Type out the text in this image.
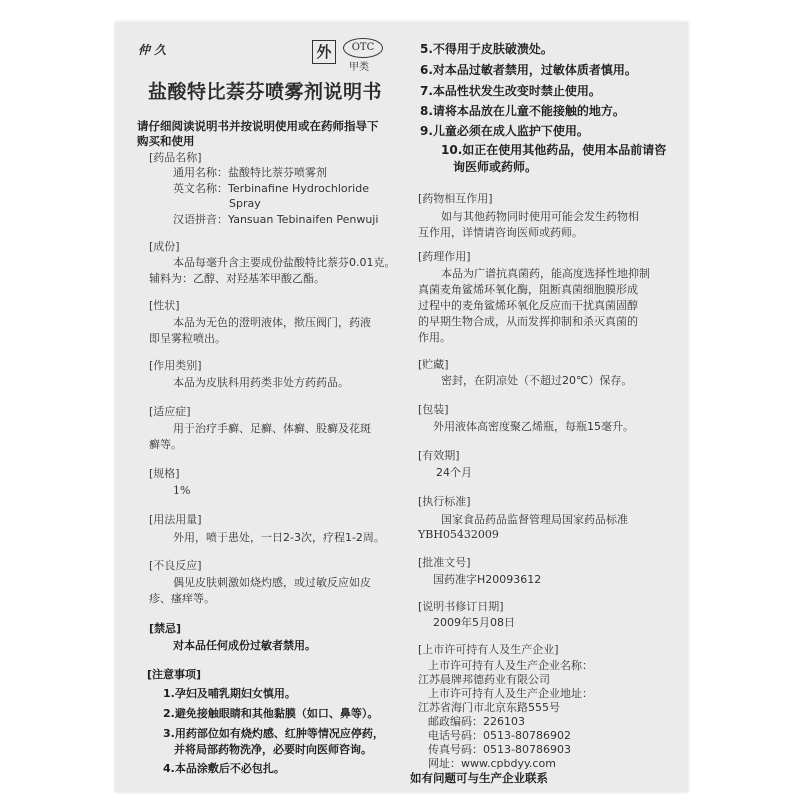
仲 久	外	OTC
甲类
盐酸特比萘芬喷雾剂说明书
请仔细阅读说明书并按说明使用或在药师指导下
购买和使用
[药品名称]
通用名称：盐酸特比萘芬喷雾剂
英文名称：Terbinafine Hydrochloride
Spray
汉语拼音：Yansuan Tebinaifen Penwuji
[成份]
本品每毫升含主要成份盐酸特比萘芬0.01克。
辅料为：乙醇、对羟基苯甲酸乙酯。
[性状]
本品为无色的澄明液体，揿压阀门，药液
即呈雾粒喷出。
[作用类别]
本品为皮肤科用药类非处方药药品。
[适应症]
用于治疗手癣、足癣、体癣、股癣及花斑
癣等。
[规格]
1%
[用法用量]
外用，喷于患处，一日2-3次，疗程1-2周。
[不良反应]
偶见皮肤刺激如烧灼感，或过敏反应如皮
疹、瘙痒等。
[禁忌]
对本品任何成份过敏者禁用。
[注意事项]
1.孕妇及哺乳期妇女慎用。
2.避免接触眼睛和其他黏膜（如口、鼻等）。
3.用药部位如有烧灼感、红肿等情况应停药，
并将局部药物洗净，必要时向医师咨询。
4.本品涂敷后不必包扎。
5.不得用于皮肤破溃处。
6.对本品过敏者禁用，过敏体质者慎用。
7.本品性状发生改变时禁止使用。
8.请将本品放在儿童不能接触的地方。
9.儿童必须在成人监护下使用。
10.如正在使用其他药品，使用本品前请咨
询医师或药师。
[药物相互作用]
如与其他药物同时使用可能会发生药物相
互作用，详情请咨询医师或药师。
[药理作用]
本品为广谱抗真菌药，能高度选择性地抑制
真菌麦角鲨烯环氧化酶，阻断真菌细胞膜形成
过程中的麦角鲨烯环氧化反应而干扰真菌固醇
的早期生物合成，从而发挥抑制和杀灭真菌的
作用。
[贮藏]
密封，在阴凉处（不超过20℃）保存。
[包装]
外用液体高密度聚乙烯瓶，每瓶15毫升。
[有效期]
24个月
[执行标准]
国家食品药品监督管理局国家药品标准
YBH05432009
[批准文号]
国药准字H20093612
[说明书修订日期]
2009年5月08日
[上市许可持有人及生产企业]
上市许可持有人及生产企业名称：
江苏晨牌邦德药业有限公司
上市许可持有人及生产企业地址：
江苏省海门市北京东路555号
邮政编码：226103
电话号码：0513-80786902
传真号码：0513-80786903
网址：www.cpbdyy.com
如有问题可与生产企业联系
